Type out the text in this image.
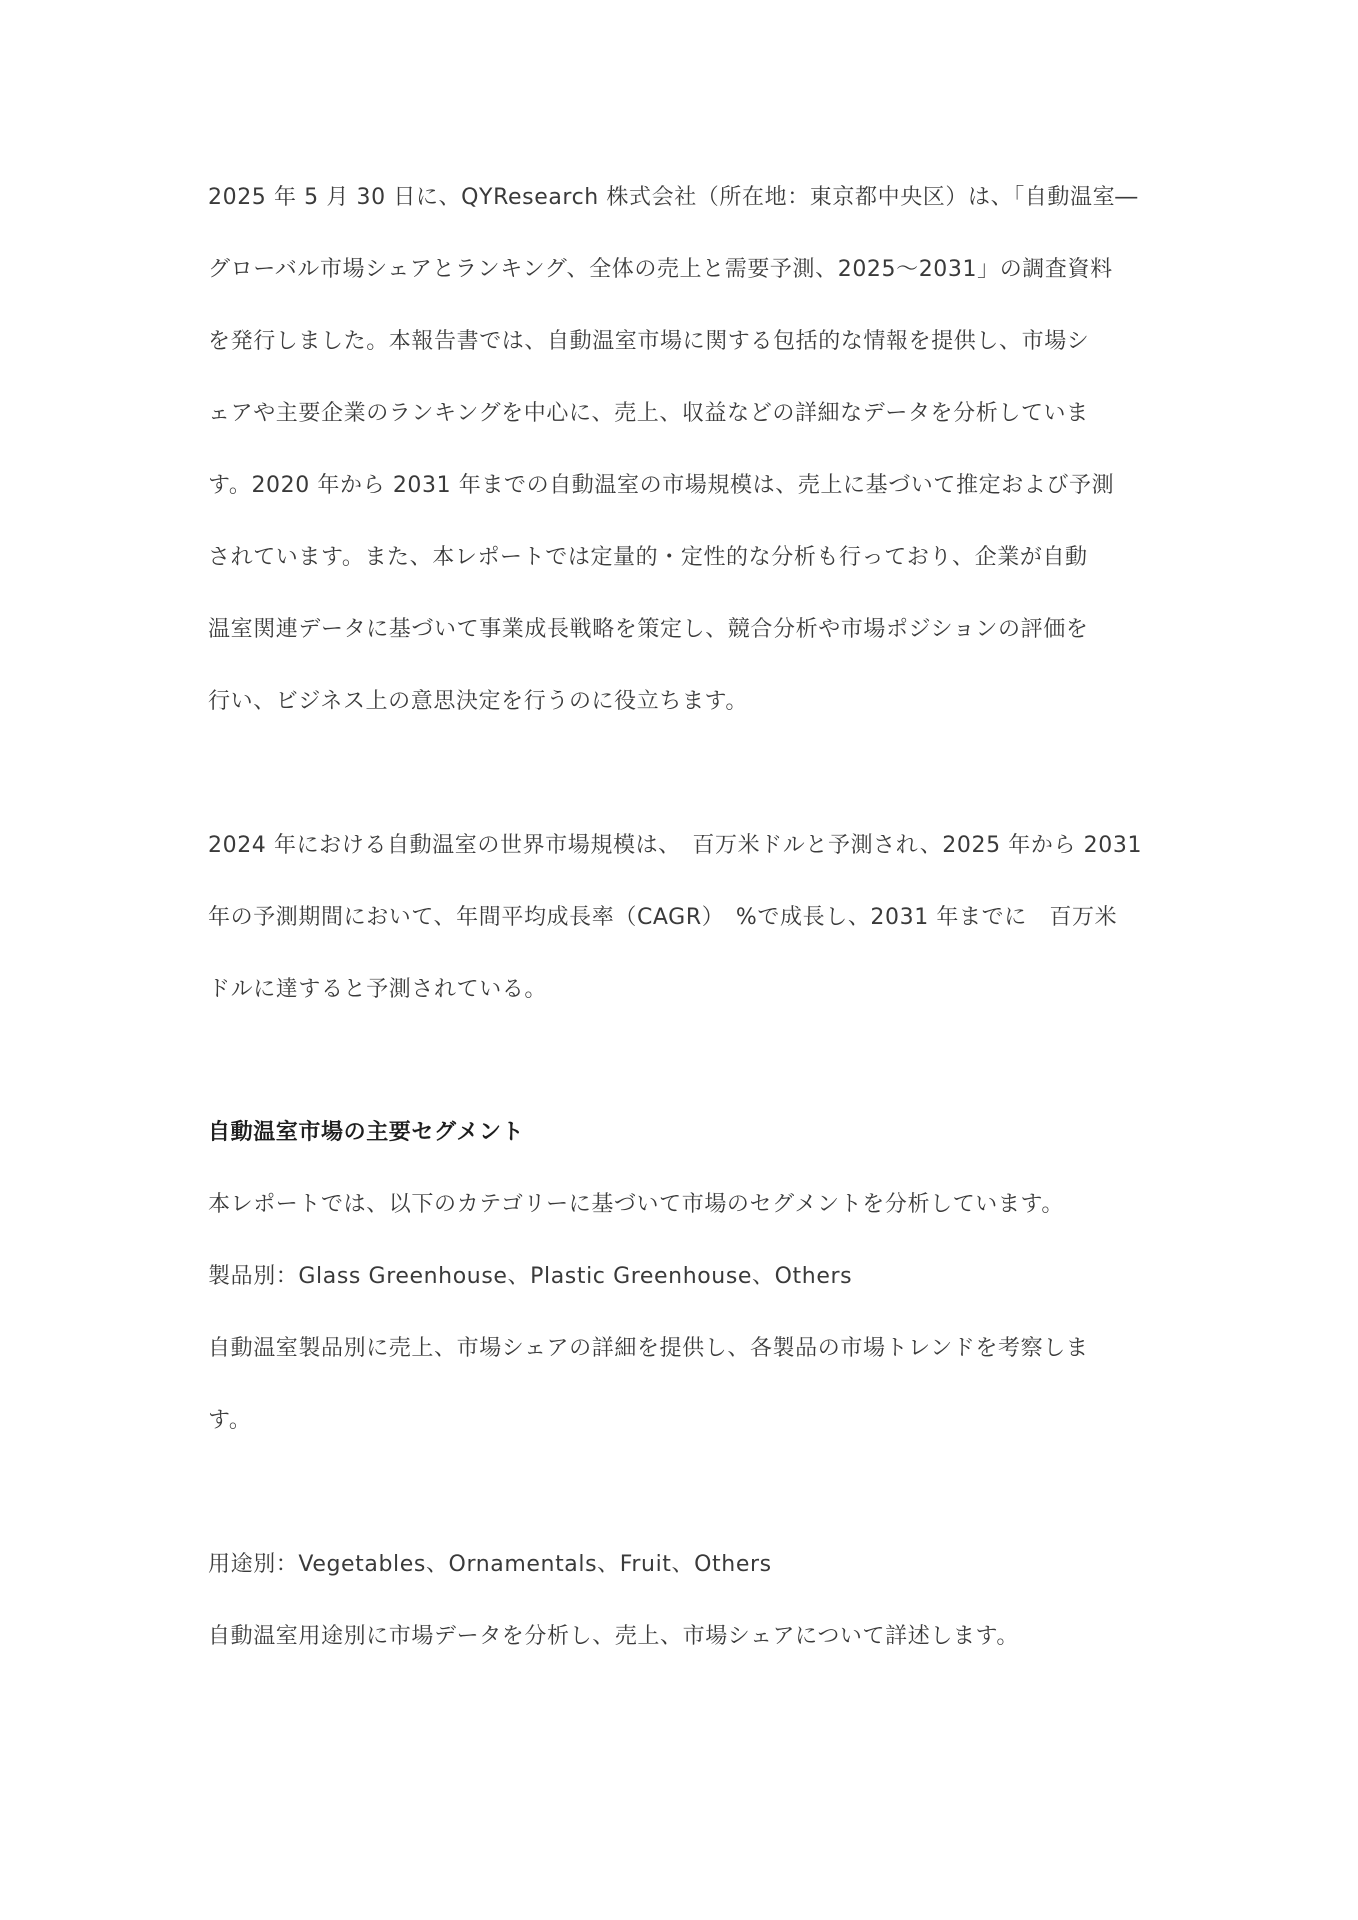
2025 年 5 月 30 日に、QYResearch 株式会社（所在地：東京都中央区）は、「自動温室―
グローバル市場シェアとランキング、全体の売上と需要予測、2025～2031」の調査資料
を発行しました。本報告書では、自動温室市場に関する包括的な情報を提供し、市場シ
ェアや主要企業のランキングを中心に、売上、収益などの詳細なデータを分析していま
す。2020 年から 2031 年までの自動温室の市場規模は、売上に基づいて推定および予測
されています。また、本レポートでは定量的・定性的な分析も行っており、企業が自動
温室関連データに基づいて事業成長戦略を策定し、競合分析や市場ポジションの評価を
行い、ビジネス上の意思決定を行うのに役立ちます。
2024 年における自動温室の世界市場規模は、　百万米ドルと予測され、2025 年から 2031
年の予測期間において、年間平均成長率（CAGR）　%で成長し、2031 年までに　百万米
ドルに達すると予測されている。
自動温室市場の主要セグメント
本レポートでは、以下のカテゴリーに基づいて市場のセグメントを分析しています。
製品別：Glass Greenhouse、Plastic Greenhouse、Others
自動温室製品別に売上、市場シェアの詳細を提供し、各製品の市場トレンドを考察しま
す。
用途別：Vegetables、Ornamentals、Fruit、Others
自動温室用途別に市場データを分析し、売上、市場シェアについて詳述します。
